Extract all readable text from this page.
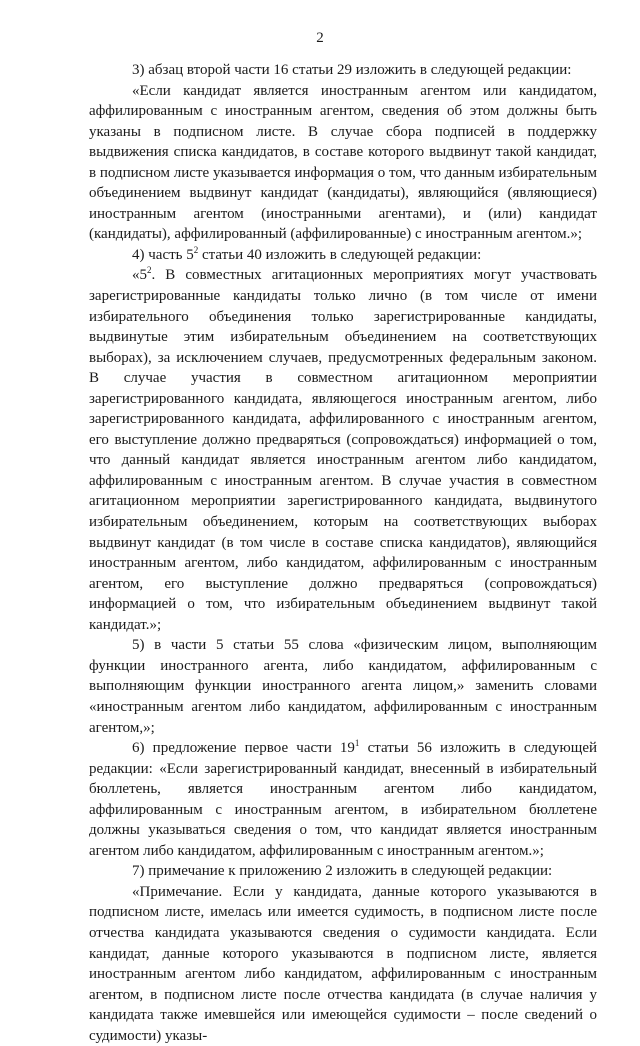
2

3) абзац второй части 16 статьи 29 изложить в следующей редакции:

«Если кандидат является иностранным агентом или кандидатом, аффилированным с иностранным агентом, сведения об этом должны быть указаны в подписном листе. В случае сбора подписей в поддержку выдвижения списка кандидатов, в составе которого выдвинут такой кандидат, в подписном листе указывается информация о том, что данным избирательным объединением выдвинут кандидат (кандидаты), являющийся (являющиеся) иностранным агентом (иностранными агентами), и (или) кандидат (кандидаты), аффилированный (аффилированные) с иностранным агентом.»;

4) часть $5^2$ статьи 40 изложить в следующей редакции:

«$5^2$. В совместных агитационных мероприятиях могут участвовать зарегистрированные кандидаты только лично (в том числе от имени избирательного объединения только зарегистрированные кандидаты, выдвинутые этим избирательным объединением на соответствующих выборах), за исключением случаев, предусмотренных федеральным законом. В случае участия в совместном агитационном мероприятии зарегистрированного кандидата, являющегося иностранным агентом, либо зарегистрированного кандидата, аффилированного с иностранным агентом, его выступление должно предваряться (сопровождаться) информацией о том, что данный кандидат является иностранным агентом либо кандидатом, аффилированным с иностранным агентом. В случае участия в совместном агитационном мероприятии зарегистрированного кандидата, выдвинутого избирательным объединением, которым на соответствующих выборах выдвинут кандидат (в том числе в составе списка кандидатов), являющийся иностранным агентом, либо кандидатом, аффилированным с иностранным агентом, его выступление должно предваряться (сопровождаться) информацией о том, что избирательным объединением выдвинут такой кандидат.»;

5) в части 5 статьи 55 слова «физическим лицом, выполняющим функции иностранного агента, либо кандидатом, аффилированным с выполняющим функции иностранного агента лицом,» заменить словами «иностранным агентом либо кандидатом, аффилированным с иностранным агентом,»;

6) предложение первое части $19^1$ статьи 56 изложить в следующей редакции: «Если зарегистрированный кандидат, внесенный в избирательный бюллетень, является иностранным агентом либо кандидатом, аффилированным с иностранным агентом, в избирательном бюллетене должны указываться сведения о том, что кандидат является иностранным агентом либо кандидатом, аффилированным с иностранным агентом.»;

7) примечание к приложению 2 изложить в следующей редакции:

«Примечание. Если у кандидата, данные которого указываются в подписном листе, имелась или имеется судимость, в подписном листе после отчества кандидата указываются сведения о судимости кандидата. Если кандидат, данные которого указываются в подписном листе, является иностранным агентом либо кандидатом, аффилированным с иностранным агентом, в подписном листе после отчества кандидата (в случае наличия у кандидата также имевшейся или имеющейся судимости – после сведений о судимости) указы-
